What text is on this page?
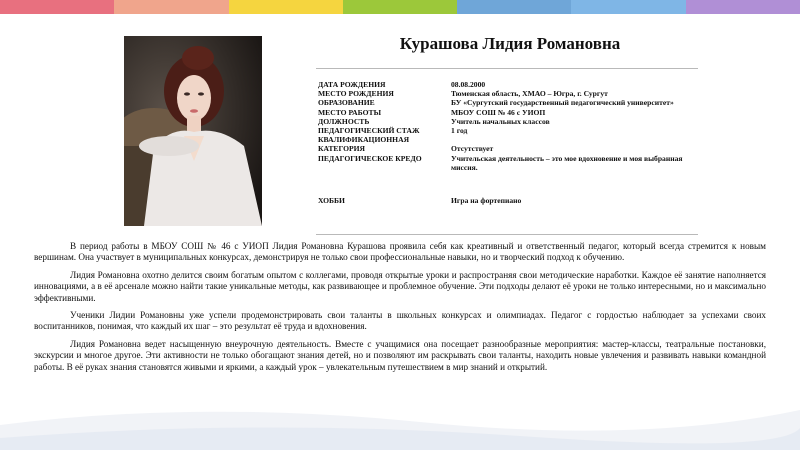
Курашова Лидия Романовна
ДАТА РОЖДЕНИЯ	08.08.2000
МЕСТО РОЖДЕНИЯ	Тюменская область, ХМАО – Югра, г. Сургут
ОБРАЗОВАНИЕ	БУ «Сургутский государственный педагогический университет»
МЕСТО РАБОТЫ	МБОУ СОШ № 46 с УИОП
ДОЛЖНОСТЬ	Учитель начальных классов
ПЕДАГОГИЧЕСКИЙ СТАЖ	1 год
КВАЛИФИКАЦИОННАЯ
КАТЕГОРИЯ	Отсутствует
ПЕДАГОГИЧЕСКОЕ КРЕДО	Учительская деятельность – это мое вдохновение и моя выбранная миссия.
ХОББИ	Игра на фортепиано

В период работы в МБОУ СОШ № 46 с УИОП Лидия Романовна Курашова проявила себя как креативный и ответственный педагог, который всегда стремится к новым вершинам. Она участвует в муниципальных конкурсах, демонстрируя не только свои профессиональные навыки, но и творческий подход к обучению.

Лидия Романовна охотно делится своим богатым опытом с коллегами, проводя открытые уроки и распространяя свои методические наработки. Каждое её занятие наполняется инновациями, а в её арсенале можно найти такие уникальные методы, как развивающее и проблемное обучение. Эти подходы делают её уроки не только интересными, но и максимально эффективными.

Ученики Лидии Романовны уже успели продемонстрировать свои таланты в школьных конкурсах и олимпиадах. Педагог с гордостью наблюдает за успехами своих воспитанников, понимая, что каждый их шаг – это результат её труда и вдохновения.

Лидия Романовна ведет насыщенную внеурочную деятельность. Вместе с учащимися она посещает разнообразные мероприятия: мастер-классы, театральные постановки, экскурсии и многое другое. Эти активности не только обогащают знания детей, но и позволяют им раскрывать свои таланты, находить новые увлечения и развивать навыки командной работы. В её руках знания становятся живыми и яркими, а каждый урок – увлекательным путешествием в мир знаний и открытий.
